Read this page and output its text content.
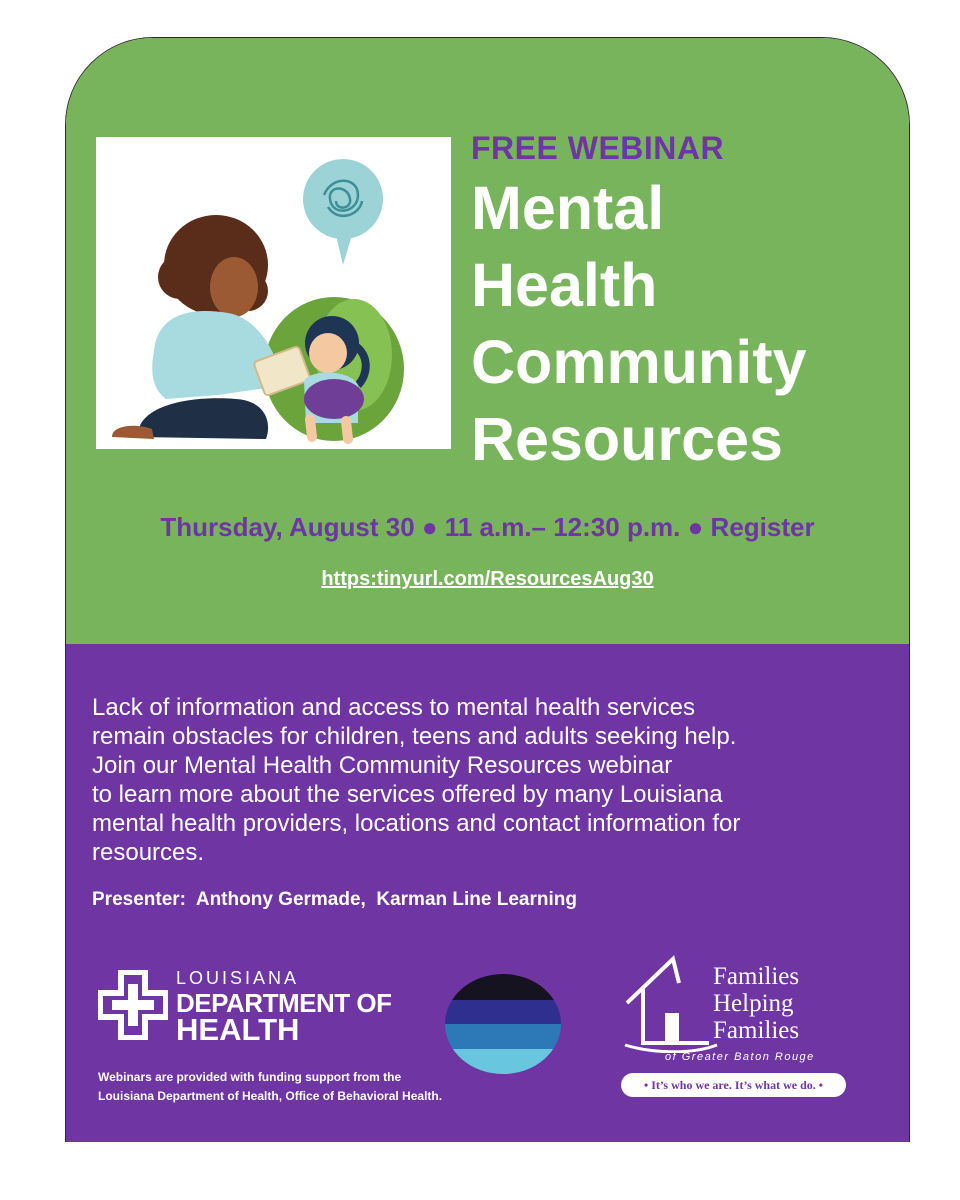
FREE WEBINAR

Mental
Health
Community
Resources

Thursday, August 30 ● 11 a.m.– 12:30 p.m. ● Register

https:tinyurl.com/ResourcesAug30

Lack of information and access to mental health services
remain obstacles for children, teens and adults seeking help.
Join our Mental Health Community Resources webinar
to learn more about the services offered by many Louisiana
mental health providers, locations and contact information for
resources.

Presenter:  Anthony Germade,  Karman Line Learning

LOUISIANA
DEPARTMENT OF
HEALTH

Webinars are provided with funding support from the
Louisiana Department of Health, Office of Behavioral Health.

Families
Helping
Families
of Greater Baton Rouge
• It’s who we are. It’s what we do. •
